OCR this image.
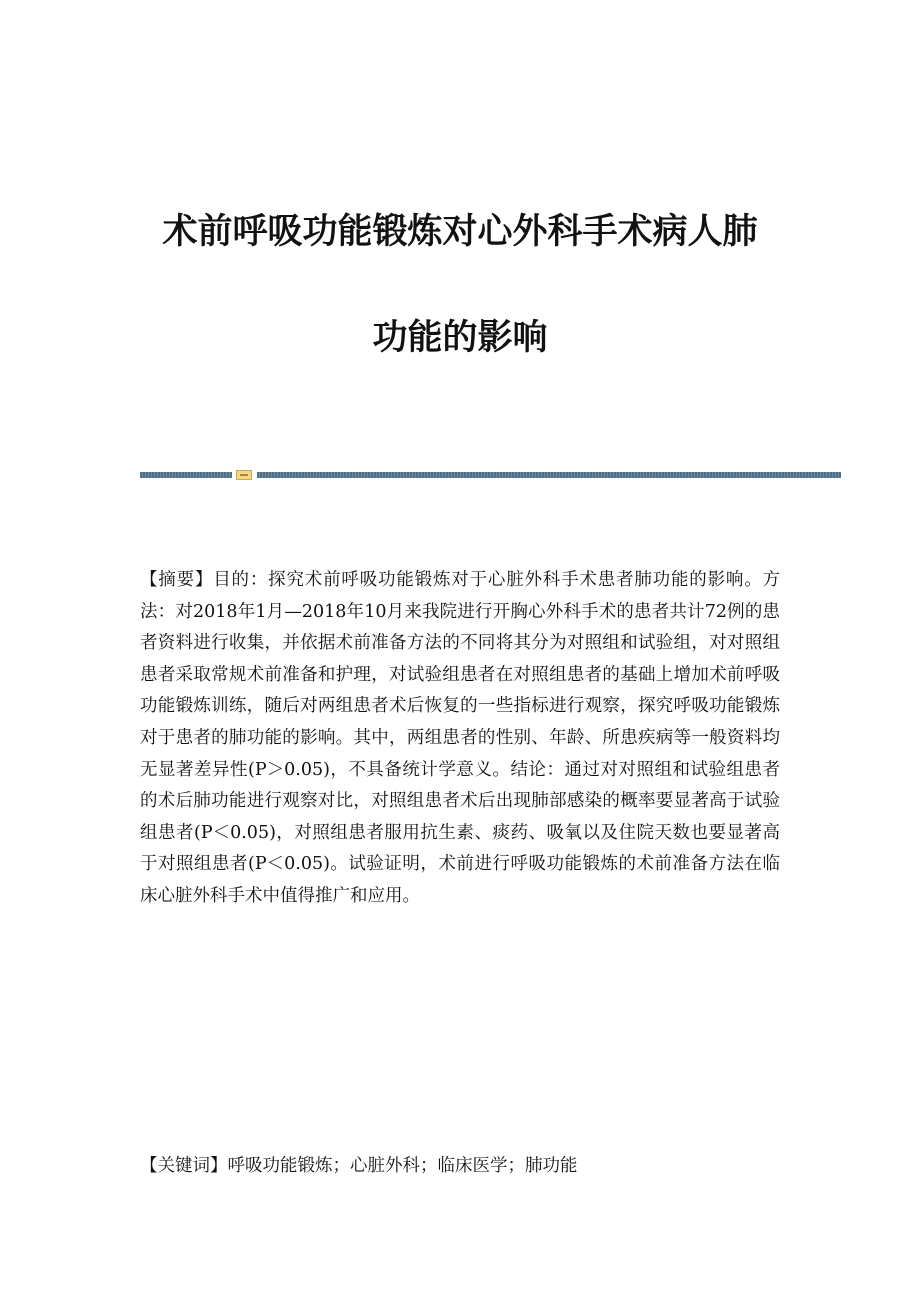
术前呼吸功能锻炼对心外科手术病人肺
功能的影响

【摘要】目的：探究术前呼吸功能锻炼对于心脏外科手术患者肺功能的影响。方法：对2018年1月—2018年10月来我院进行开胸心外科手术的患者共计72例的患者资料进行收集，并依据术前准备方法的不同将其分为对照组和试验组，对对照组患者采取常规术前准备和护理，对试验组患者在对照组患者的基础上增加术前呼吸功能锻炼训练，随后对两组患者术后恢复的一些指标进行观察，探究呼吸功能锻炼对于患者的肺功能的影响。其中，两组患者的性别、年龄、所患疾病等一般资料均无显著差异性(P＞0.05)，不具备统计学意义。结论：通过对对照组和试验组患者的术后肺功能进行观察对比，对照组患者术后出现肺部感染的概率要显著高于试验组患者(P＜0.05)，对照组患者服用抗生素、痰药、吸氧以及住院天数也要显著高于对照组患者(P＜0.05)。试验证明，术前进行呼吸功能锻炼的术前准备方法在临床心脏外科手术中值得推广和应用。

【关键词】呼吸功能锻炼；心脏外科；临床医学；肺功能
